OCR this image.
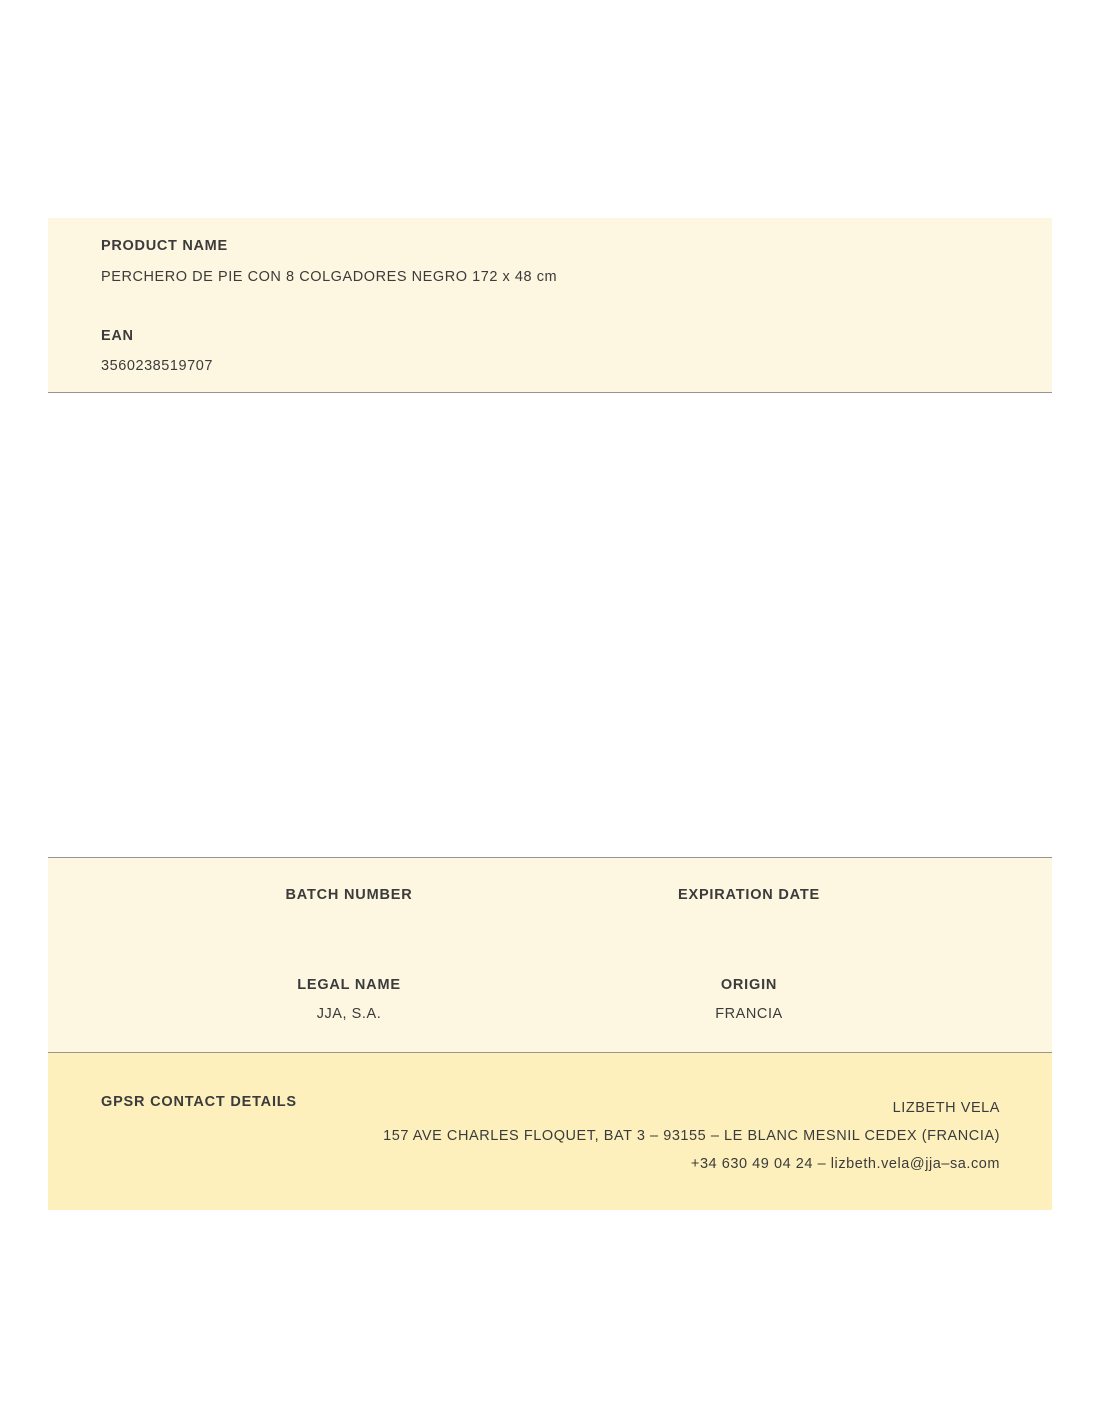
PRODUCT NAME
PERCHERO DE PIE CON 8 COLGADORES NEGRO 172 x 48 cm
EAN
3560238519707
BATCH NUMBER	EXPIRATION DATE
LEGAL NAME	ORIGIN
JJA, S.A.	FRANCIA
GPSR CONTACT DETAILS	LIZBETH VELA
157 AVE CHARLES FLOQUET, BAT 3 – 93155 – LE BLANC MESNIL CEDEX (FRANCIA)
+34 630 49 04 24 – lizbeth.vela@jja–sa.com
